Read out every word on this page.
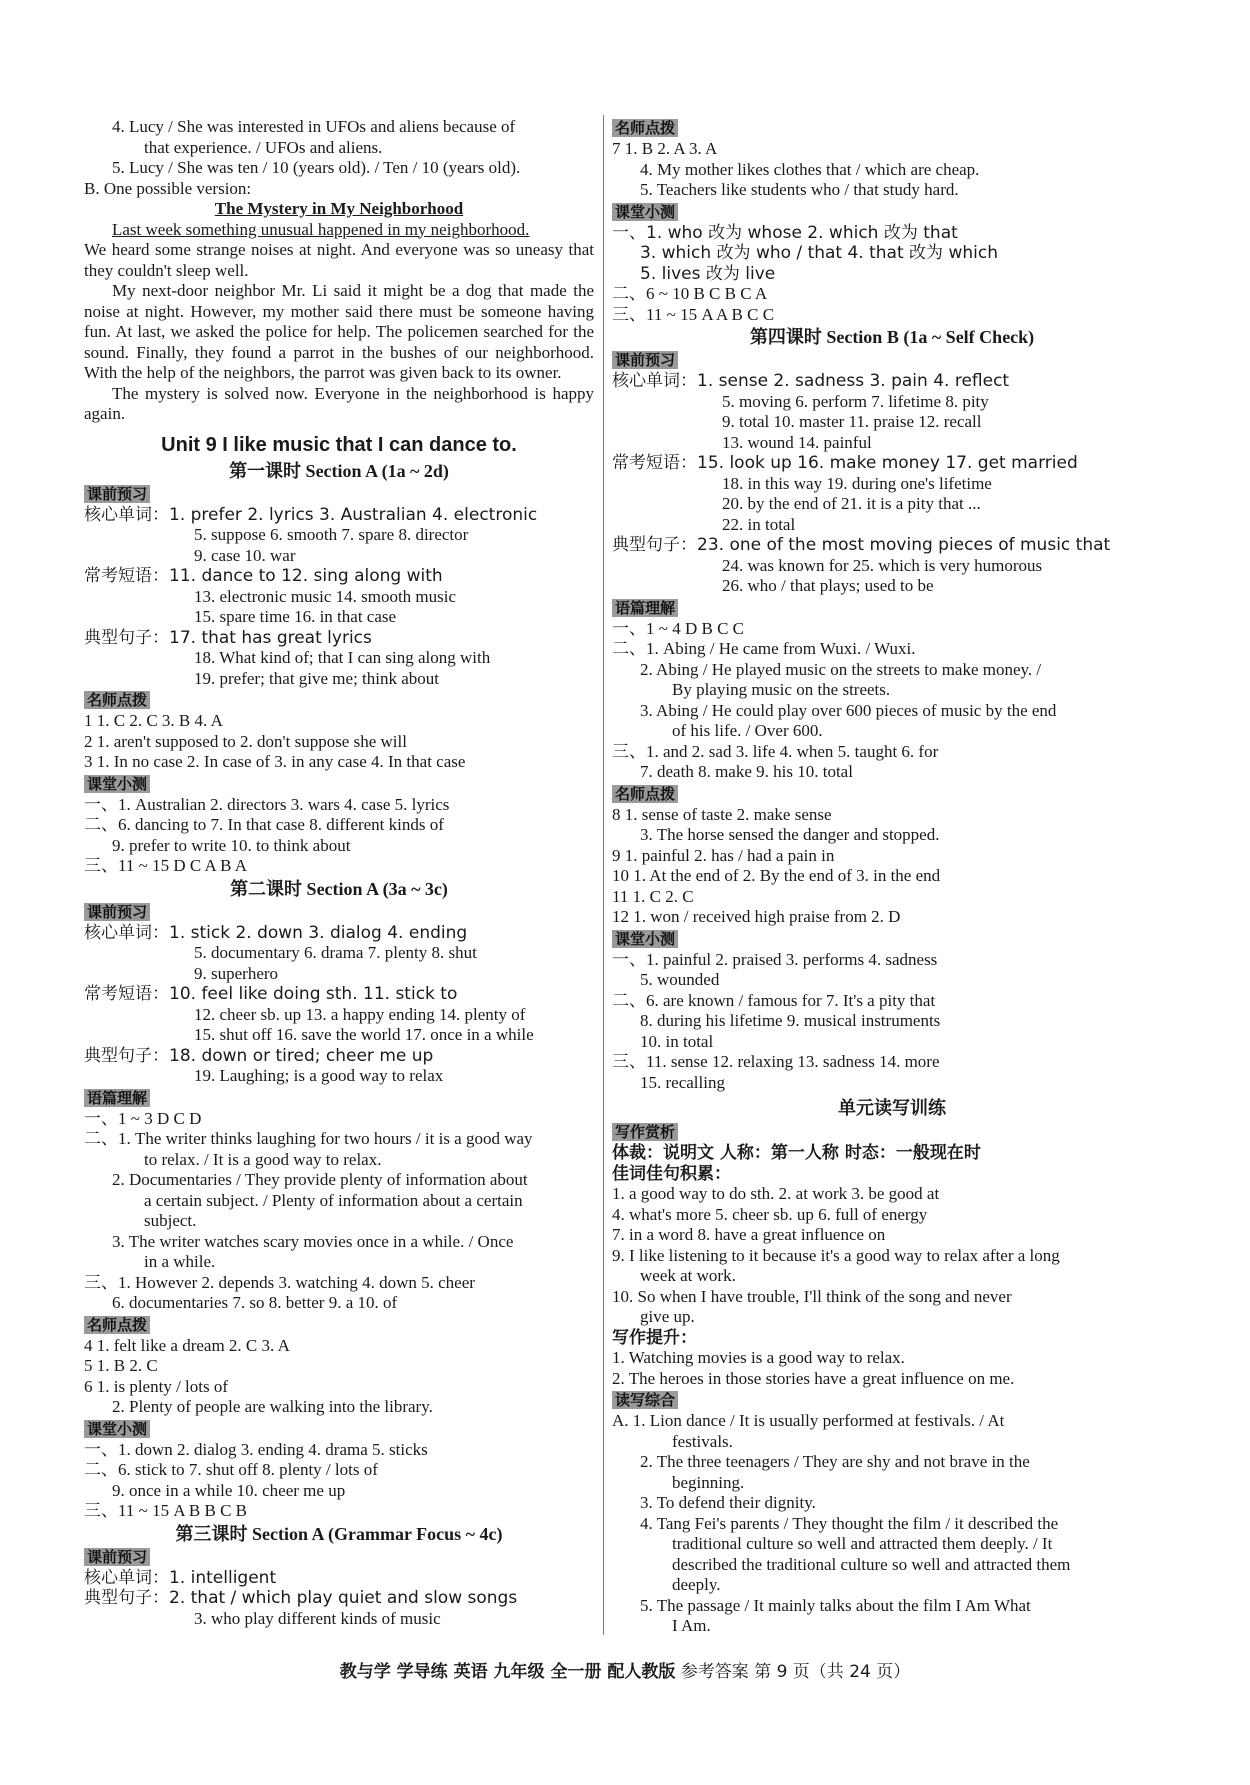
4. Lucy / She was interested in UFOs and aliens because of
that experience. / UFOs and aliens.
5. Lucy / She was ten / 10 (years old). / Ten / 10 (years old).
B. One possible version:
The Mystery in My Neighborhood
Last week something unusual happened in my neighborhood.
We heard some strange noises at night. And everyone was so uneasy that they couldn't sleep well.
My next-door neighbor Mr. Li said it might be a dog that made the noise at night. However, my mother said there must be someone having fun. At last, we asked the police for help. The policemen searched for the sound. Finally, they found a parrot in the bushes of our neighborhood. With the help of the neighbors, the parrot was given back to its owner.
The mystery is solved now. Everyone in the neighborhood is happy again.
Unit 9 I like music that I can dance to.
第一课时 Section A (1a ~ 2d)
课前预习
核心单词：1. prefer 2. lyrics 3. Australian 4. electronic
5. suppose 6. smooth 7. spare 8. director
9. case 10. war
常考短语：11. dance to 12. sing along with
13. electronic music 14. smooth music
15. spare time 16. in that case
典型句子：17. that has great lyrics
18. What kind of; that I can sing along with
19. prefer; that give me; think about
名师点拨
1 1. C 2. C 3. B 4. A
2 1. aren't supposed to 2. don't suppose she will
3 1. In no case 2. In case of 3. in any case 4. In that case
课堂小测
一、1. Australian 2. directors 3. wars 4. case 5. lyrics
二、6. dancing to 7. In that case 8. different kinds of
9. prefer to write 10. to think about
三、11 ~ 15 D C A B A
第二课时 Section A (3a ~ 3c)
课前预习
核心单词：1. stick 2. down 3. dialog 4. ending
5. documentary 6. drama 7. plenty 8. shut
9. superhero
常考短语：10. feel like doing sth. 11. stick to
12. cheer sb. up 13. a happy ending 14. plenty of
15. shut off 16. save the world 17. once in a while
典型句子：18. down or tired; cheer me up
19. Laughing; is a good way to relax
语篇理解
一、1 ~ 3 D C D
二、1. The writer thinks laughing for two hours / it is a good way
to relax. / It is a good way to relax.
2. Documentaries / They provide plenty of information about
a certain subject. / Plenty of information about a certain
subject.
3. The writer watches scary movies once in a while. / Once
in a while.
三、1. However 2. depends 3. watching 4. down 5. cheer
6. documentaries 7. so 8. better 9. a 10. of
名师点拨
4 1. felt like a dream 2. C 3. A
5 1. B 2. C
6 1. is plenty / lots of
2. Plenty of people are walking into the library.
课堂小测
一、1. down 2. dialog 3. ending 4. drama 5. sticks
二、6. stick to 7. shut off 8. plenty / lots of
9. once in a while 10. cheer me up
三、11 ~ 15 A B B C B
第三课时 Section A (Grammar Focus ~ 4c)
课前预习
核心单词：1. intelligent
典型句子：2. that / which play quiet and slow songs
3. who play different kinds of music
名师点拨
7 1. B 2. A 3. A
4. My mother likes clothes that / which are cheap.
5. Teachers like students who / that study hard.
课堂小测
一、1. who 改为 whose 2. which 改为 that
3. which 改为 who / that 4. that 改为 which
5. lives 改为 live
二、6 ~ 10 B C B C A
三、11 ~ 15 A A B C C
第四课时 Section B (1a ~ Self Check)
课前预习
核心单词：1. sense 2. sadness 3. pain 4. reflect
5. moving 6. perform 7. lifetime 8. pity
9. total 10. master 11. praise 12. recall
13. wound 14. painful
常考短语：15. look up 16. make money 17. get married
18. in this way 19. during one's lifetime
20. by the end of 21. it is a pity that ...
22. in total
典型句子：23. one of the most moving pieces of music that
24. was known for 25. which is very humorous
26. who / that plays; used to be
语篇理解
一、1 ~ 4 D B C C
二、1. Abing / He came from Wuxi. / Wuxi.
2. Abing / He played music on the streets to make money. /
By playing music on the streets.
3. Abing / He could play over 600 pieces of music by the end
of his life. / Over 600.
三、1. and 2. sad 3. life 4. when 5. taught 6. for
7. death 8. make 9. his 10. total
名师点拨
8 1. sense of taste 2. make sense
3. The horse sensed the danger and stopped.
9 1. painful 2. has / had a pain in
10 1. At the end of 2. By the end of 3. in the end
11 1. C 2. C
12 1. won / received high praise from 2. D
课堂小测
一、1. painful 2. praised 3. performs 4. sadness
5. wounded
二、6. are known / famous for 7. It's a pity that
8. during his lifetime 9. musical instruments
10. in total
三、11. sense 12. relaxing 13. sadness 14. more
15. recalling
单元读写训练
写作赏析
体裁：说明文 人称：第一人称 时态：一般现在时
佳词佳句积累：
1. a good way to do sth. 2. at work 3. be good at
4. what's more 5. cheer sb. up 6. full of energy
7. in a word 8. have a great influence on
9. I like listening to it because it's a good way to relax after a long
week at work.
10. So when I have trouble, I'll think of the song and never
give up.
写作提升：
1. Watching movies is a good way to relax.
2. The heroes in those stories have a great influence on me.
读写综合
A. 1. Lion dance / It is usually performed at festivals. / At
festivals.
2. The three teenagers / They are shy and not brave in the
beginning.
3. To defend their dignity.
4. Tang Fei's parents / They thought the film / it described the
traditional culture so well and attracted them deeply. / It
described the traditional culture so well and attracted them
deeply.
5. The passage / It mainly talks about the film I Am What
I Am.
教与学 学导练 英语 九年级 全一册 配人教版 参考答案 第 9 页（共 24 页）
